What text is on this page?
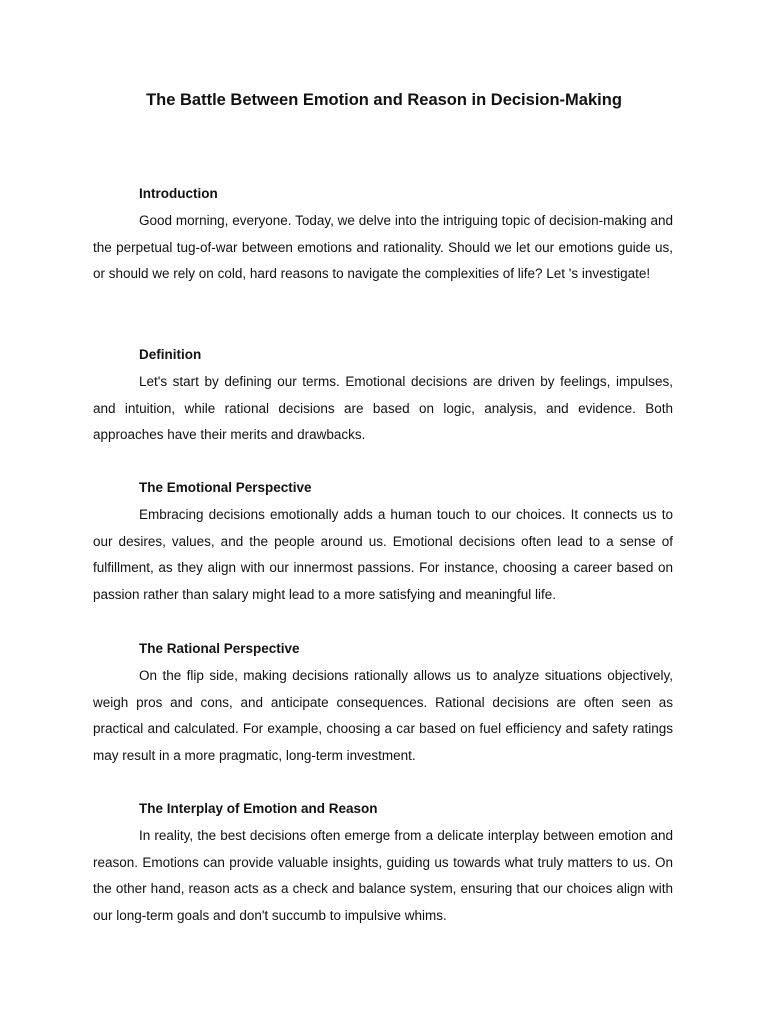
The Battle Between Emotion and Reason in Decision-Making

Introduction

Good morning, everyone. Today, we delve into the intriguing topic of decision-making and the perpetual tug-of-war between emotions and rationality. Should we let our emotions guide us, or should we rely on cold, hard reasons to navigate the complexities of life? Let 's investigate!

Definition

Let's start by defining our terms. Emotional decisions are driven by feelings, impulses, and intuition, while rational decisions are based on logic, analysis, and evidence. Both approaches have their merits and drawbacks.

The Emotional Perspective

Embracing decisions emotionally adds a human touch to our choices. It connects us to our desires, values, and the people around us. Emotional decisions often lead to a sense of fulfillment, as they align with our innermost passions. For instance, choosing a career based on passion rather than salary might lead to a more satisfying and meaningful life.

The Rational Perspective

On the flip side, making decisions rationally allows us to analyze situations objectively, weigh pros and cons, and anticipate consequences. Rational decisions are often seen as practical and calculated. For example, choosing a car based on fuel efficiency and safety ratings may result in a more pragmatic, long-term investment.

The Interplay of Emotion and Reason

In reality, the best decisions often emerge from a delicate interplay between emotion and reason. Emotions can provide valuable insights, guiding us towards what truly matters to us. On the other hand, reason acts as a check and balance system, ensuring that our choices align with our long-term goals and don't succumb to impulsive whims.
